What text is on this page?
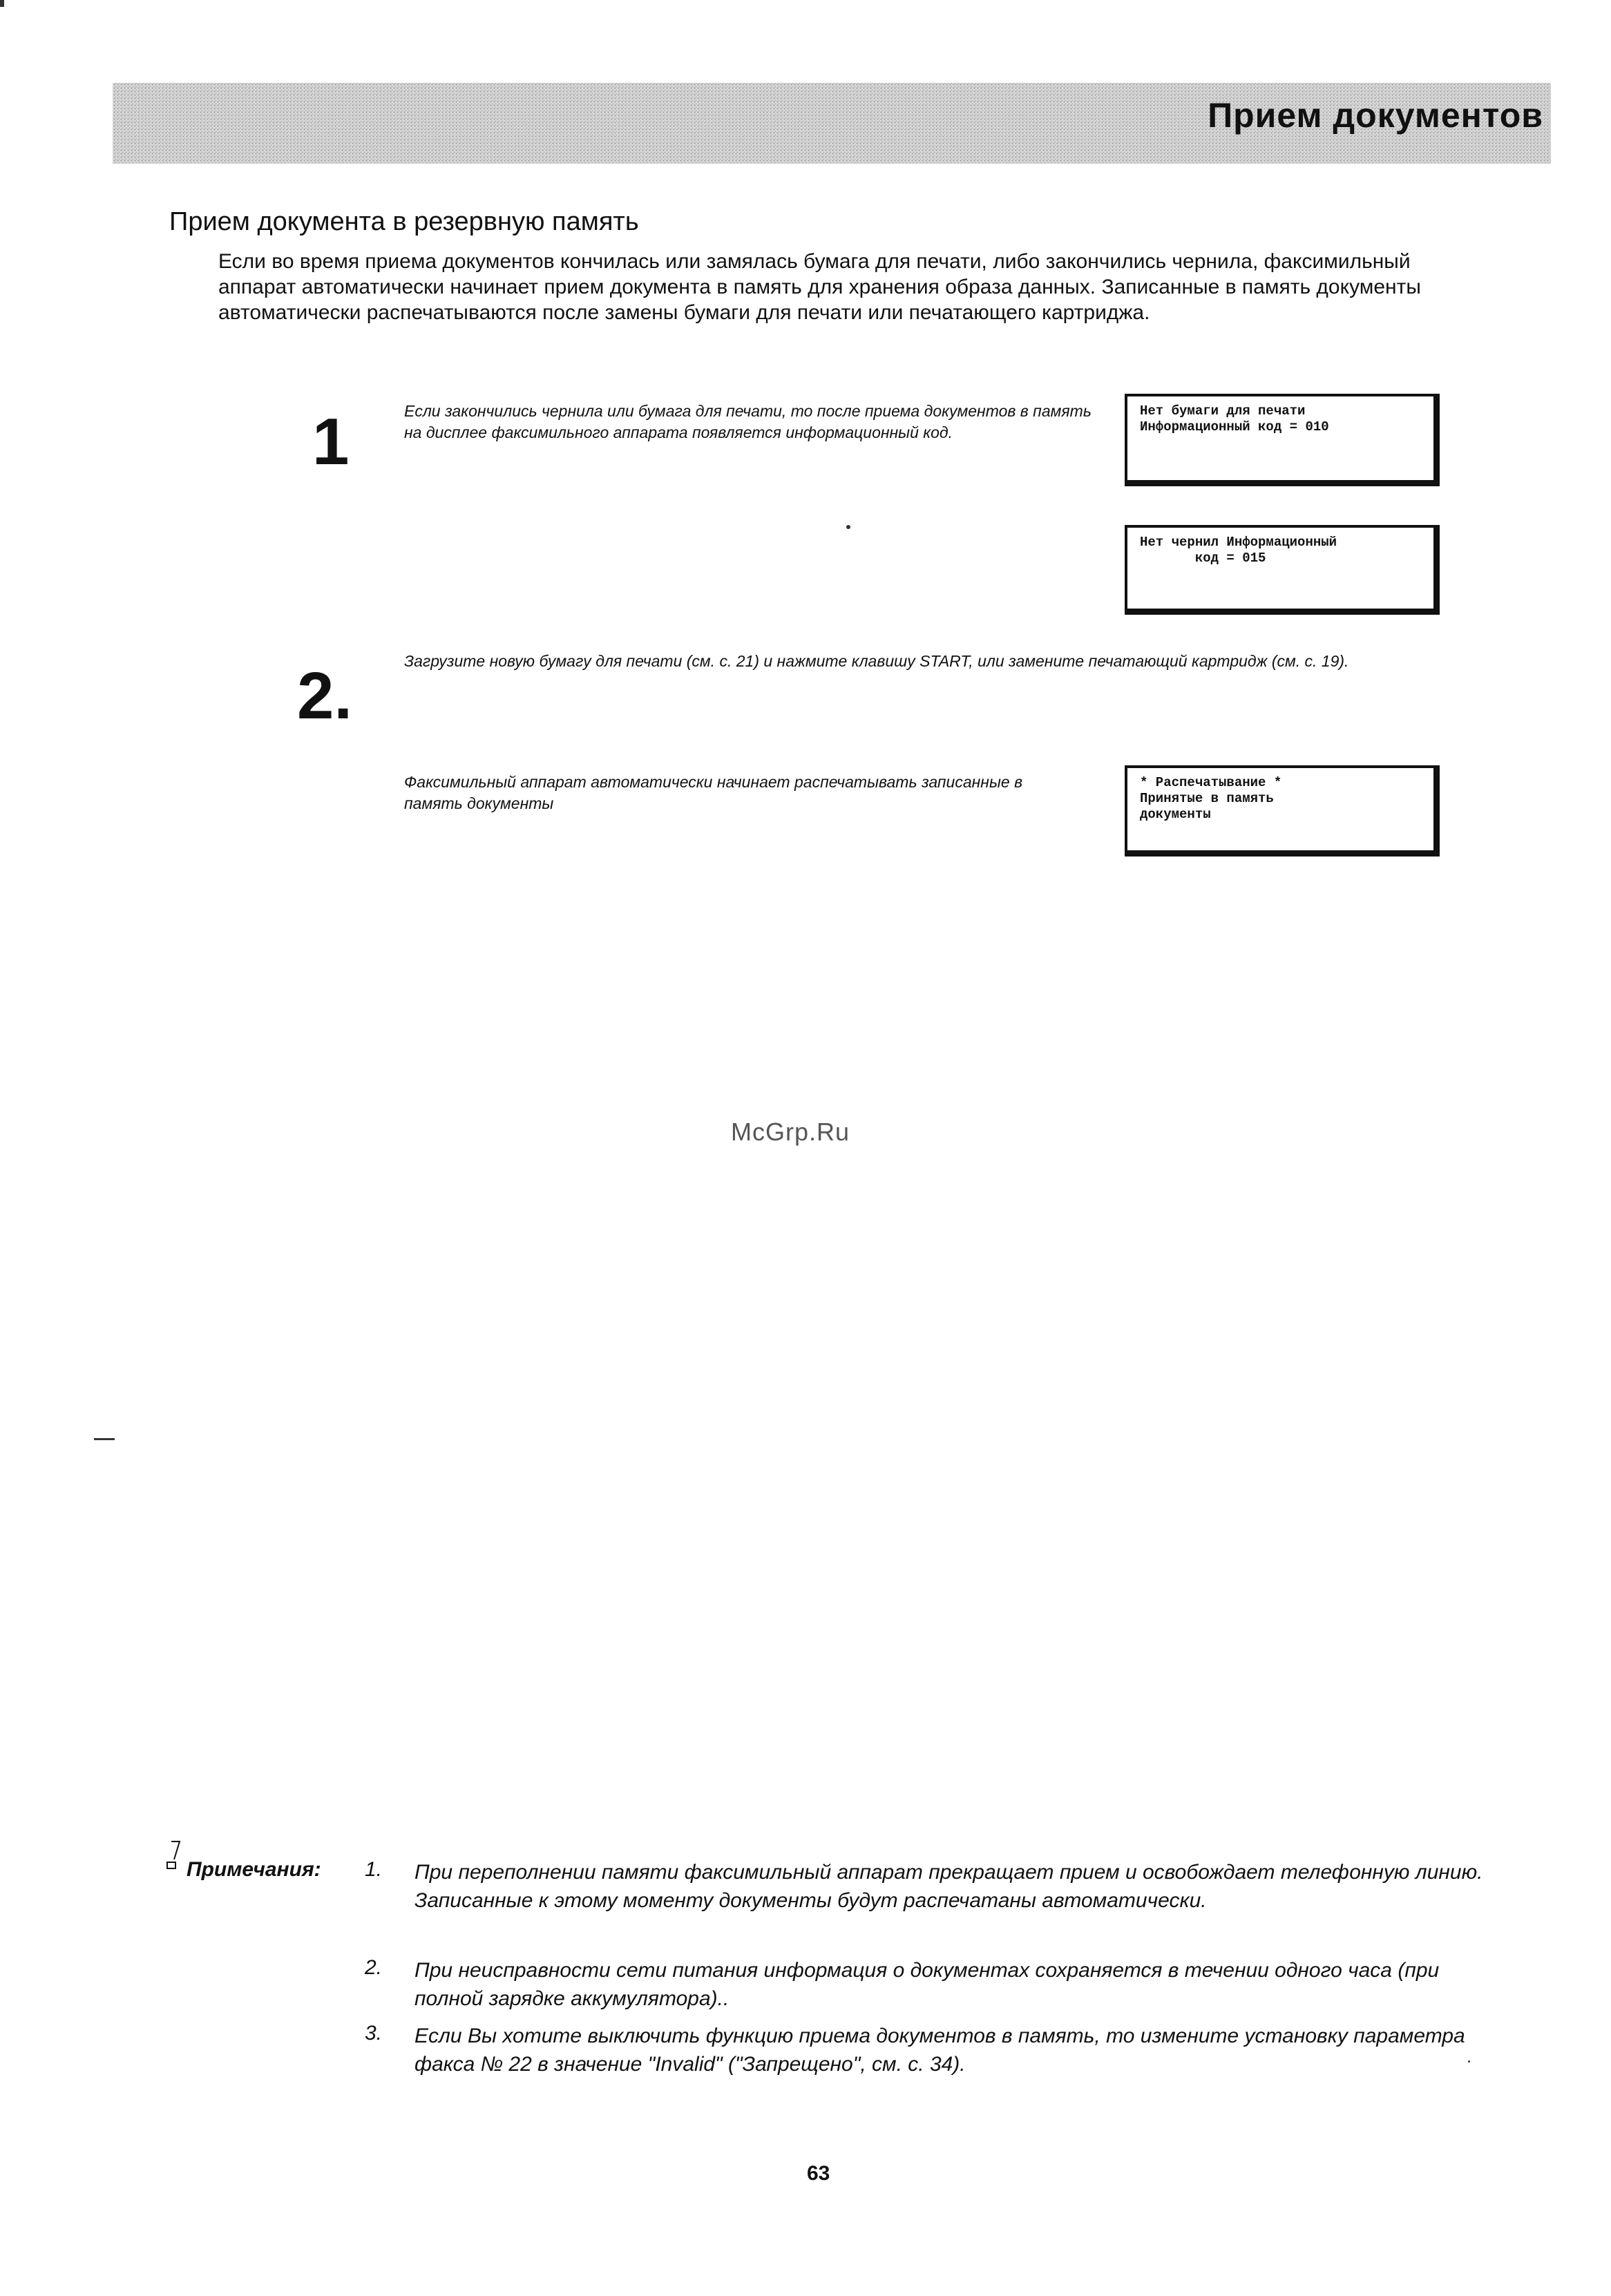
Прием документов
Прием документа в резервную память
Если во время приема документов кончилась или замялась бумага для печати, либо закончились чернила, факсимильный аппарат автоматически начинает прием документа в память для хранения образа данных. Записанные в память документы автоматически распечатываются после замены бумаги для печати или печатающего картриджа.
1	Если закончились чернила или бумага для печати, то после приема документов в память на дисплее факсимильного аппарата появляется информационный код.
Нет бумаги для печати
Информационный код = 010
Нет чернил Информационный
код = 015
2.	Загрузите новую бумагу для печати (см. с. 21) и нажмите клавишу START, или замените печатающий картридж (см. с. 19).
Факсимильный аппарат автоматически начинает распечатывать записанные в память документы
* Распечатывание *
Принятые в память
документы
McGrp.Ru
Примечания:	1. При переполнении памяти факсимильный аппарат прекращает прием и освобождает телефонную линию. Записанные к этому моменту документы будут распечатаны автоматически.
2. При неисправности сети питания информация о документах сохраняется в течении одного часа (при полной зарядке аккумулятора)..
3. Если Вы хотите выключить функцию приема документов в память, то измените установку параметра факса № 22 в значение "Invalid" ("Запрещено", см. с. 34).
63
